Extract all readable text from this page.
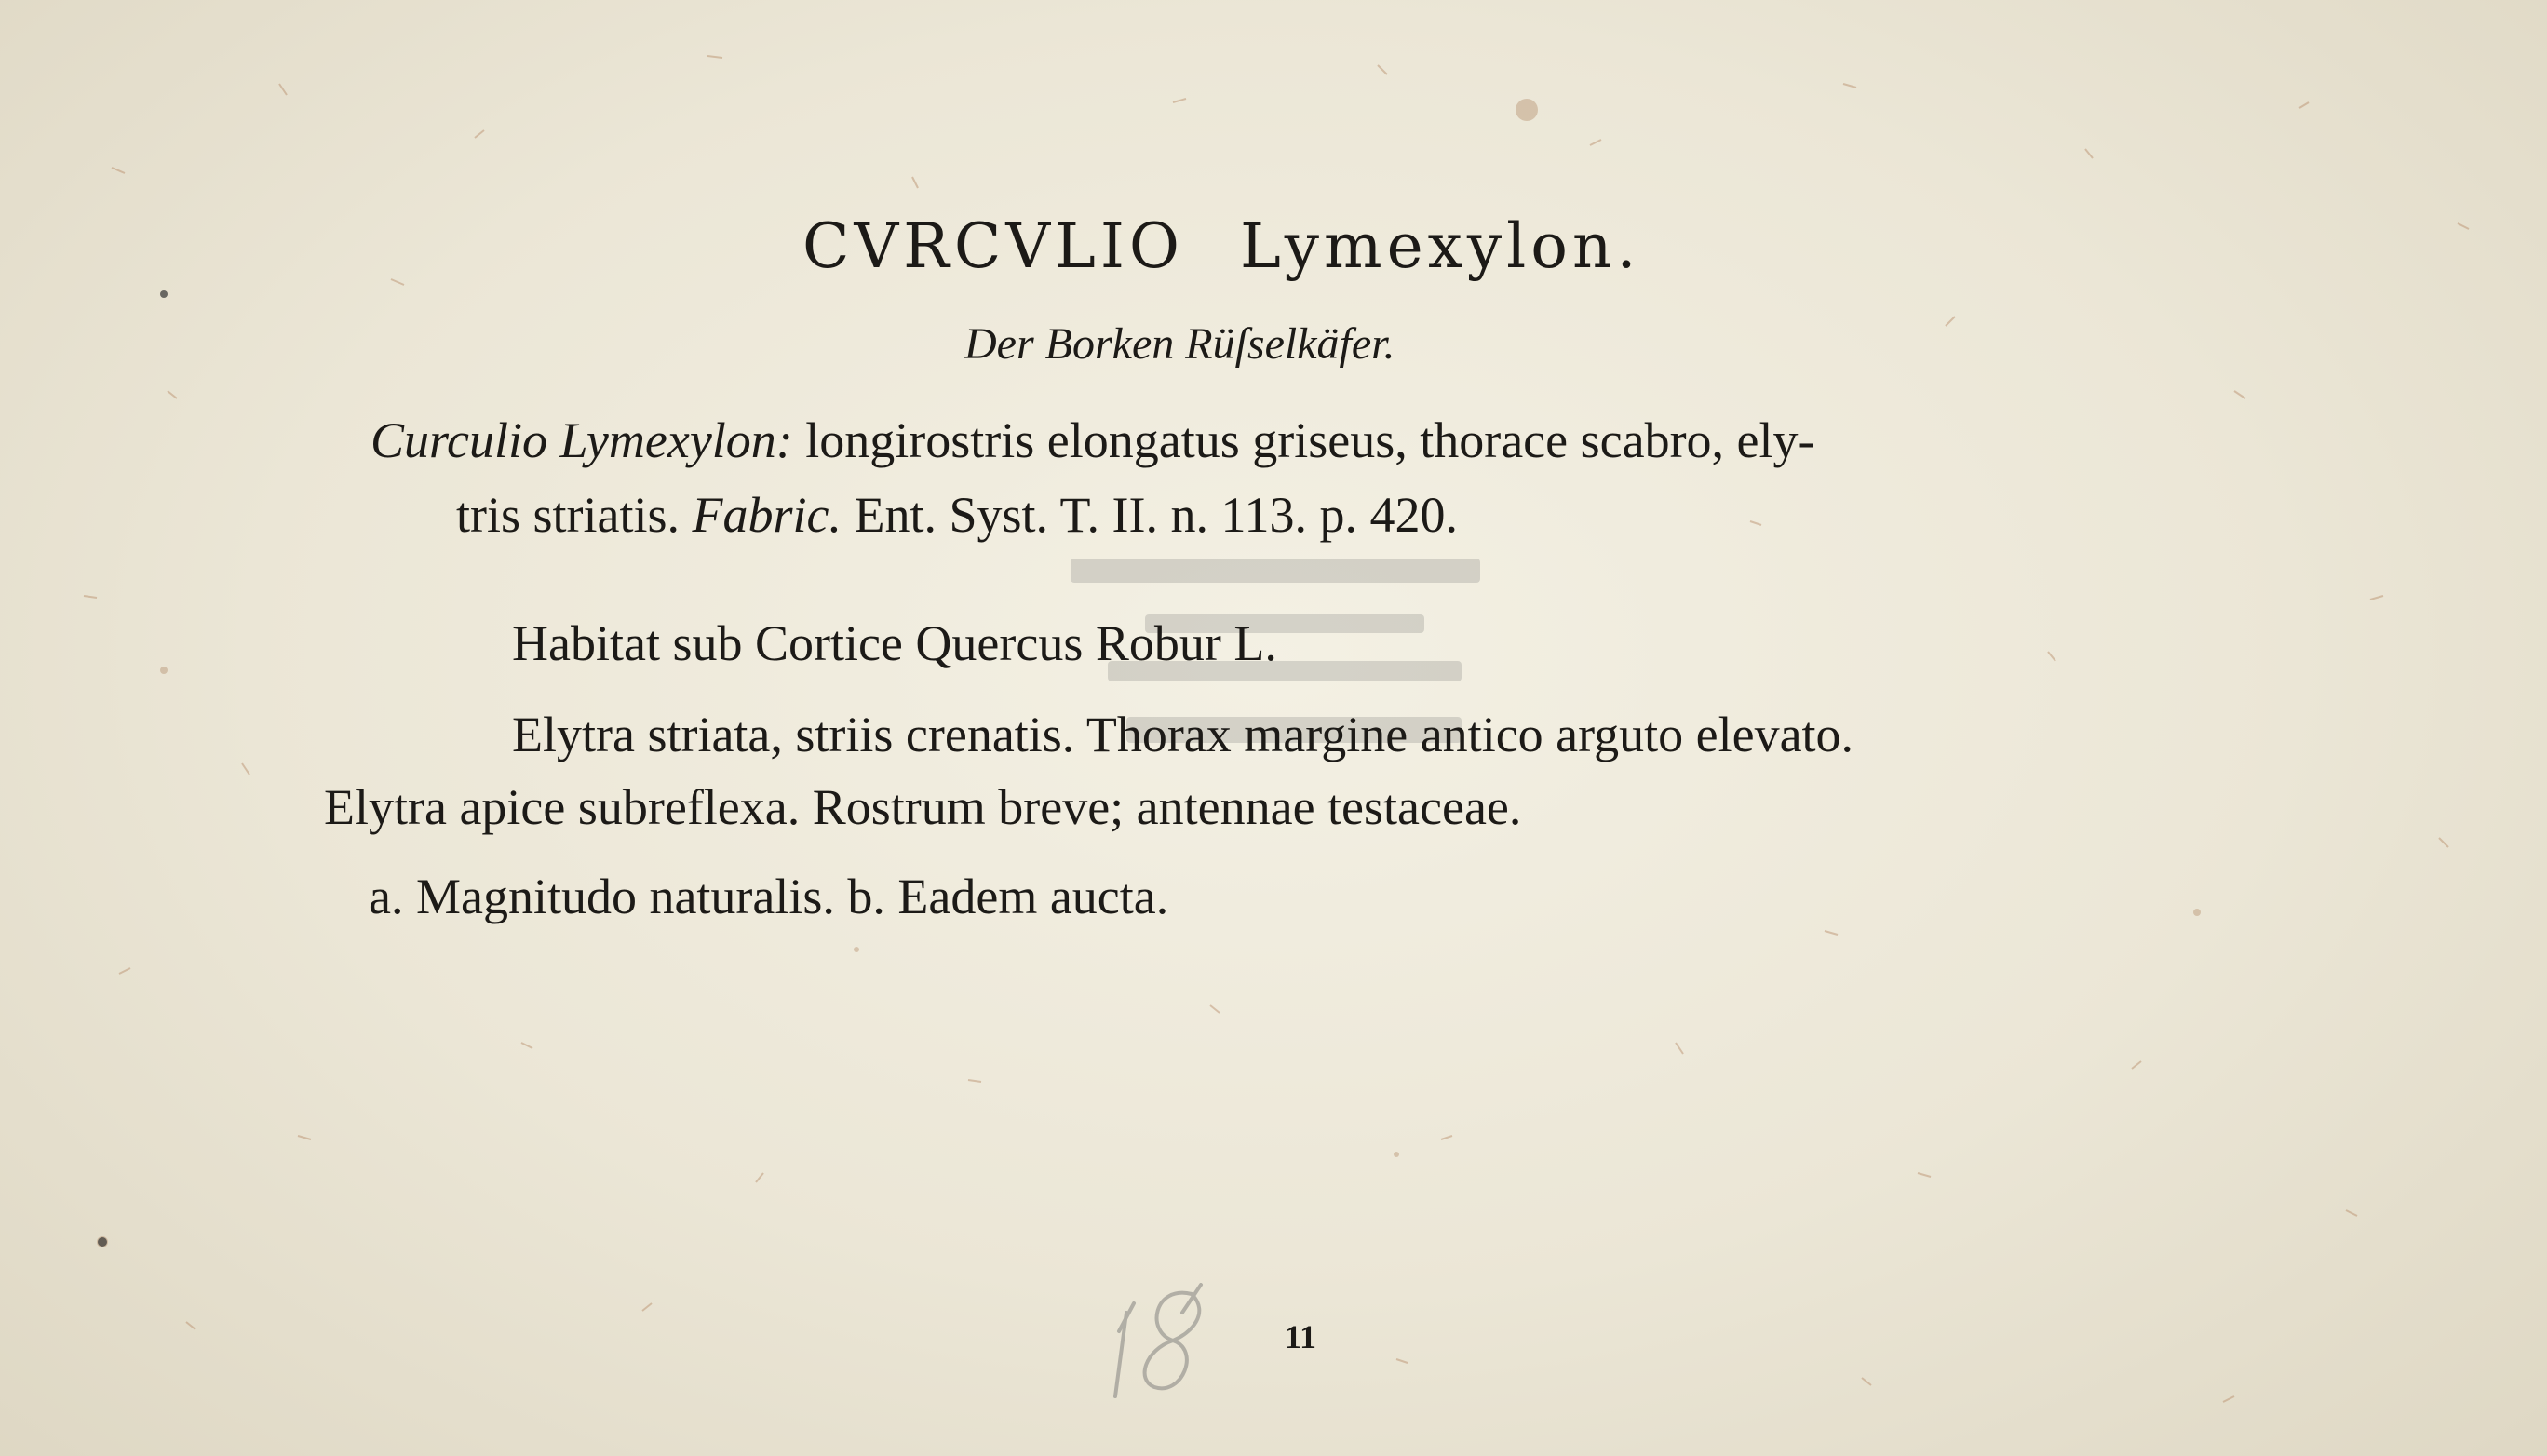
CVRCVLIO Lymexylon.
Der Borken Rüſselkäfer.
Curculio Lymexylon: longirostris elongatus griseus, thorace scabro, ely-
tris striatis. Fabric. Ent. Syst. T. II. n. 113. p. 420.
Habitat sub Cortice Quercus Robur L.
Elytra striata, striis crenatis. Thorax margine antico arguto elevato.
Elytra apice subreflexa. Rostrum breve; antennae testaceae.
a. Magnitudo naturalis. b. Eadem aucta.
11
